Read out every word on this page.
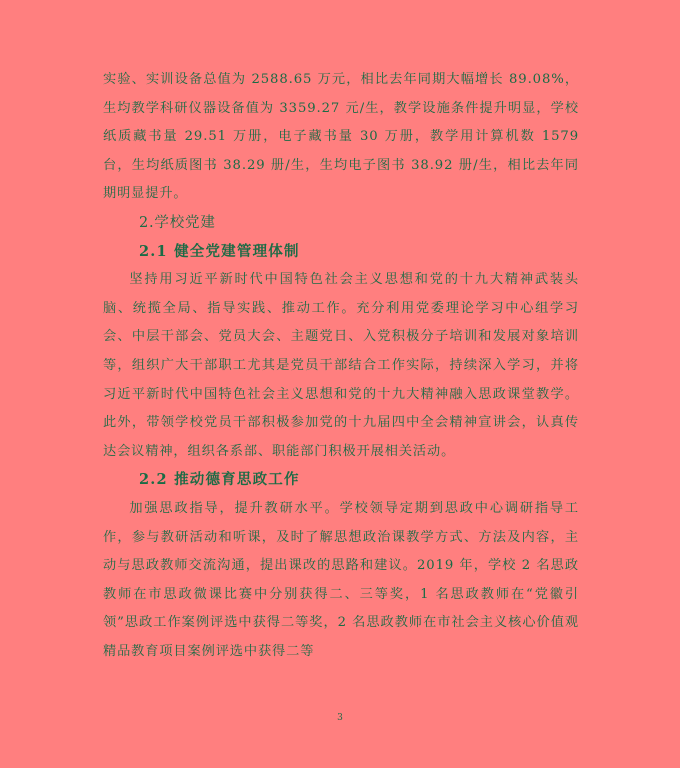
实验、实训设备总值为 2588.65 万元，相比去年同期大幅增长 89.08%，生均教学科研仪器设备值为 3359.27 元/生，教学设施条件提升明显，学校纸质藏书量 29.51 万册，电子藏书量 30 万册，教学用计算机数 1579 台，生均纸质图书 38.29 册/生，生均电子图书 38.92 册/生，相比去年同期明显提升。

2.学校党建
2.1 健全党建管理体制

坚持用习近平新时代中国特色社会主义思想和党的十九大精神武装头脑、统揽全局、指导实践、推动工作。充分利用党委理论学习中心组学习会、中层干部会、党员大会、主题党日、入党积极分子培训和发展对象培训等，组织广大干部职工尤其是党员干部结合工作实际，持续深入学习，并将习近平新时代中国特色社会主义思想和党的十九大精神融入思政课堂教学。此外，带领学校党员干部积极参加党的十九届四中全会精神宣讲会，认真传达会议精神，组织各系部、职能部门积极开展相关活动。

2.2 推动德育思政工作

加强思政指导，提升教研水平。学校领导定期到思政中心调研指导工作，参与教研活动和听课，及时了解思想政治课教学方式、方法及内容，主动与思政教师交流沟通，提出课改的思路和建议。2019 年，学校 2 名思政教师在市思政微课比赛中分别获得二、三等奖，1 名思政教师在“党徽引领”思政工作案例评选中获得二等奖，2 名思政教师在市社会主义核心价值观精品教育项目案例评选中获得二等

3
